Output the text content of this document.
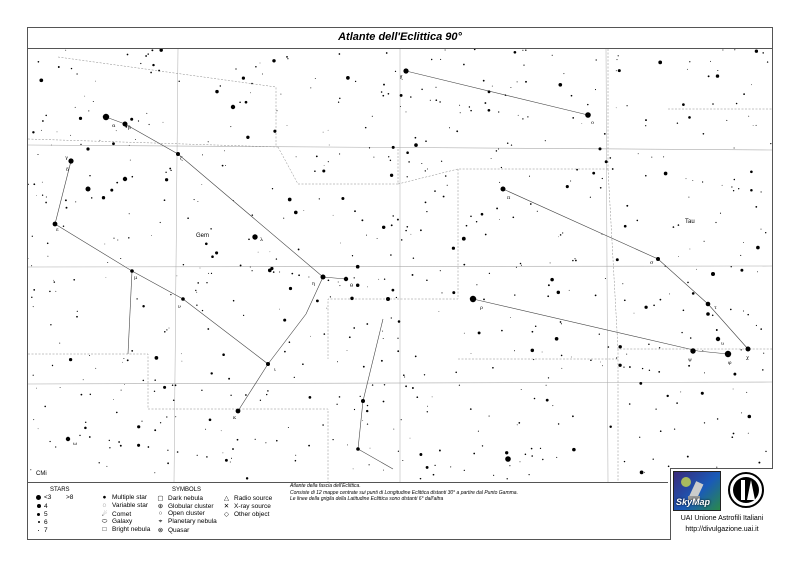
Atlante dell'Eclittica 90°
α	β
γ
δ
ε
ζ
η	θ
ι
κ
λ
μ
ν
ξ
ο
π
ρ
σ
τ
υ
φ
χ
ψ
ω
Gem
Tau
CMi
STARS
<3 >8
4
5
6
7
SYMBOLS
● Multiple star
◌ Variable star
☄ Comet
⬭ Galaxy
□ Bright nebula
▢ Dark nebula
⊕ Globular cluster
○ Open cluster
⌖ Planetary nebula
⊗ Quasar
△ Radio source
✕ X-ray source
◇ Other object
Atlante della fascia dell'Eclittica.
Consiste di 12 mappe centrate sui punti di Longitudine Eclittica distanti 30° a partire dal Punto Gamma.
Le linee della griglia della Latitudine Eclittica sono distanti 6° dall'altra	SkyMap
UAI Unione Astrofili Italiani
http://divulgazione.uai.it
